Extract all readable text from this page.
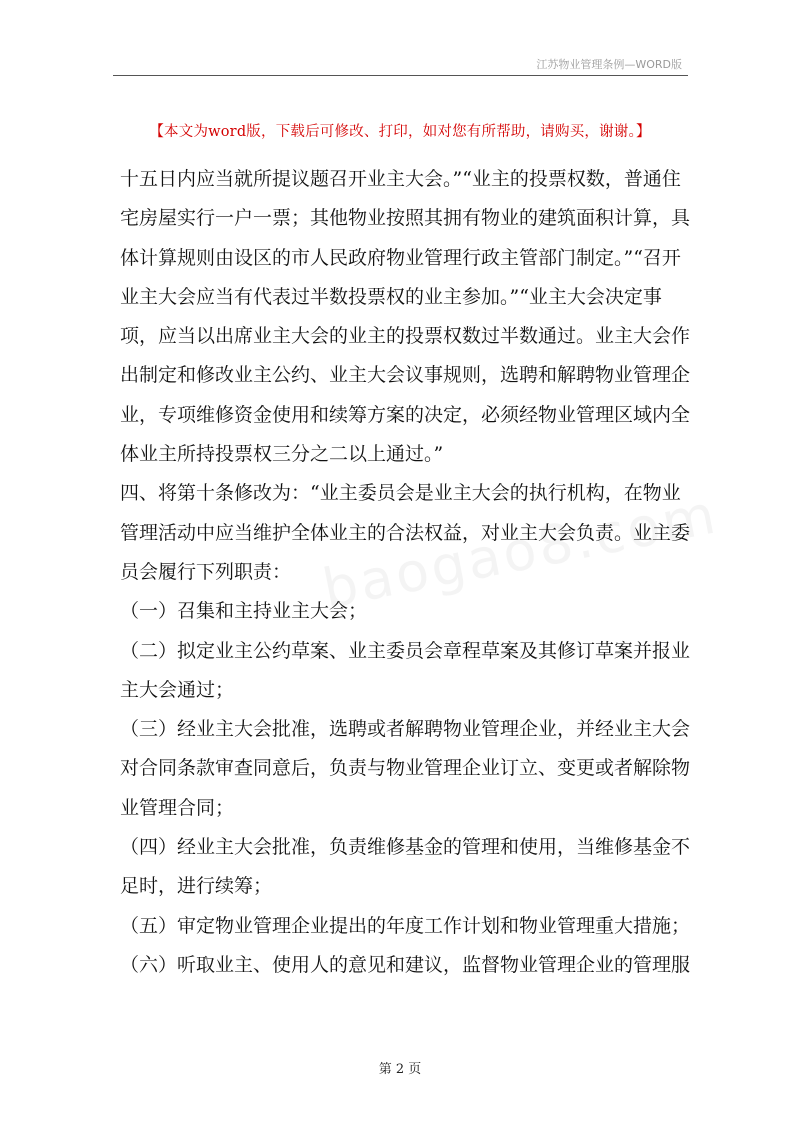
江苏物业管理条例—WORD版
【本文为word版，下载后可修改、打印，如对您有所帮助，请购买，谢谢。】

十五日内应当就所提议题召开业主大会。”“业主的投票权数，普通住
宅房屋实行一户一票；其他物业按照其拥有物业的建筑面积计算，具
体计算规则由设区的市人民政府物业管理行政主管部门制定。”“召开
业主大会应当有代表过半数投票权的业主参加。”“业主大会决定事
项，应当以出席业主大会的业主的投票权数过半数通过。业主大会作
出制定和修改业主公约、业主大会议事规则，选聘和解聘物业管理企
业，专项维修资金使用和续筹方案的决定，必须经物业管理区域内全
体业主所持投票权三分之二以上通过。”

四、将第十条修改为：“业主委员会是业主大会的执行机构，在物业
管理活动中应当维护全体业主的合法权益，对业主大会负责。业主委
员会履行下列职责：

（一）召集和主持业主大会；

（二）拟定业主公约草案、业主委员会章程草案及其修订草案并报业
主大会通过；

（三）经业主大会批准，选聘或者解聘物业管理企业，并经业主大会
对合同条款审查同意后，负责与物业管理企业订立、变更或者解除物
业管理合同；

（四）经业主大会批准，负责维修基金的管理和使用，当维修基金不
足时，进行续筹；

（五）审定物业管理企业提出的年度工作计划和物业管理重大措施；

（六）听取业主、使用人的意见和建议，监督物业管理企业的管理服

第 2 页
